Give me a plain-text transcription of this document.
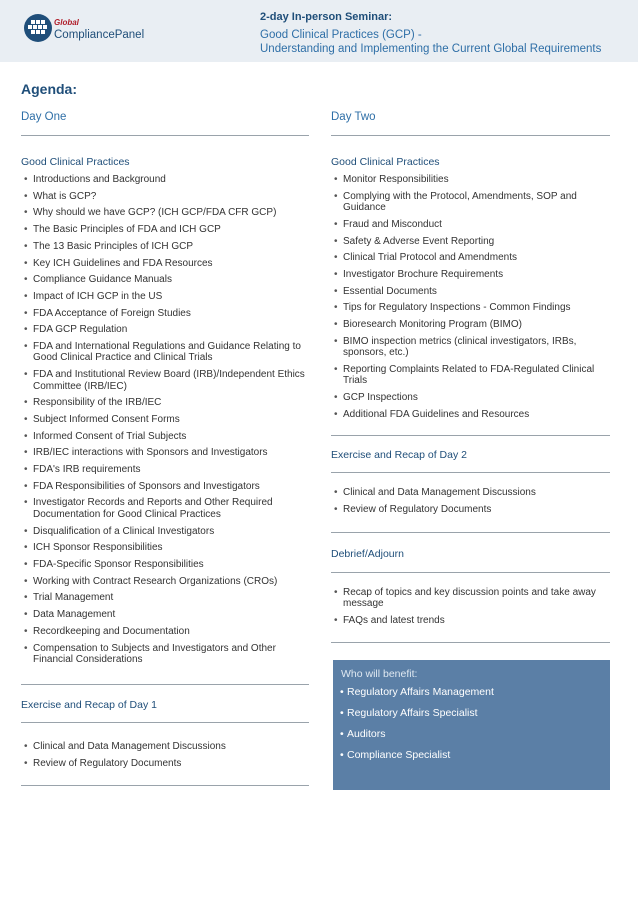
Global
CompliancePanel
2-day In-person Seminar:
Good Clinical Practices (GCP) -
Understanding and Implementing the Current Global Requirements
Agenda:
Day One	Day Two
Good Clinical Practices
• Introductions and Background
• What is GCP?
• Why should we have GCP? (ICH GCP/FDA CFR GCP)
• The Basic Principles of FDA and ICH GCP
• The 13 Basic Principles of ICH GCP
• Key ICH Guidelines and FDA Resources
• Compliance Guidance Manuals
• Impact of ICH GCP in the US
• FDA Acceptance of Foreign Studies
• FDA GCP Regulation
• FDA and International Regulations and Guidance Relating to Good Clinical Practice and Clinical Trials
• FDA and Institutional Review Board (IRB)/Independent Ethics Committee (IRB/IEC)
• Responsibility of the IRB/IEC
• Subject Informed Consent Forms
• Informed Consent of Trial Subjects
• IRB/IEC interactions with Sponsors and Investigators
• FDA's IRB requirements
• FDA Responsibilities of Sponsors and Investigators
• Investigator Records and Reports and Other Required Documentation for Good Clinical Practices
• Disqualification of a Clinical Investigators
• ICH Sponsor Responsibilities
• FDA-Specific Sponsor Responsibilities
• Working with Contract Research Organizations (CROs)
• Trial Management
• Data Management
• Recordkeeping and Documentation
• Compensation to Subjects and Investigators and Other Financial Considerations
Exercise and Recap of Day 1
• Clinical and Data Management Discussions
• Review of Regulatory Documents
Good Clinical Practices
• Monitor Responsibilities
• Complying with the Protocol, Amendments, SOP and Guidance
• Fraud and Misconduct
• Safety & Adverse Event Reporting
• Clinical Trial Protocol and Amendments
• Investigator Brochure Requirements
• Essential Documents
• Tips for Regulatory Inspections - Common Findings
• Bioresearch Monitoring Program (BIMO)
• BIMO inspection metrics (clinical investigators, IRBs, sponsors, etc.)
• Reporting Complaints Related to FDA-Regulated Clinical Trials
• GCP Inspections
• Additional FDA Guidelines and Resources
Exercise and Recap of Day 2
• Clinical and Data Management Discussions
• Review of Regulatory Documents
Debrief/Adjourn
• Recap of topics and key discussion points and take away message
• FAQs and latest trends
Who will benefit:
• Regulatory Affairs Management
• Regulatory Affairs Specialist
• Auditors
• Compliance Specialist
